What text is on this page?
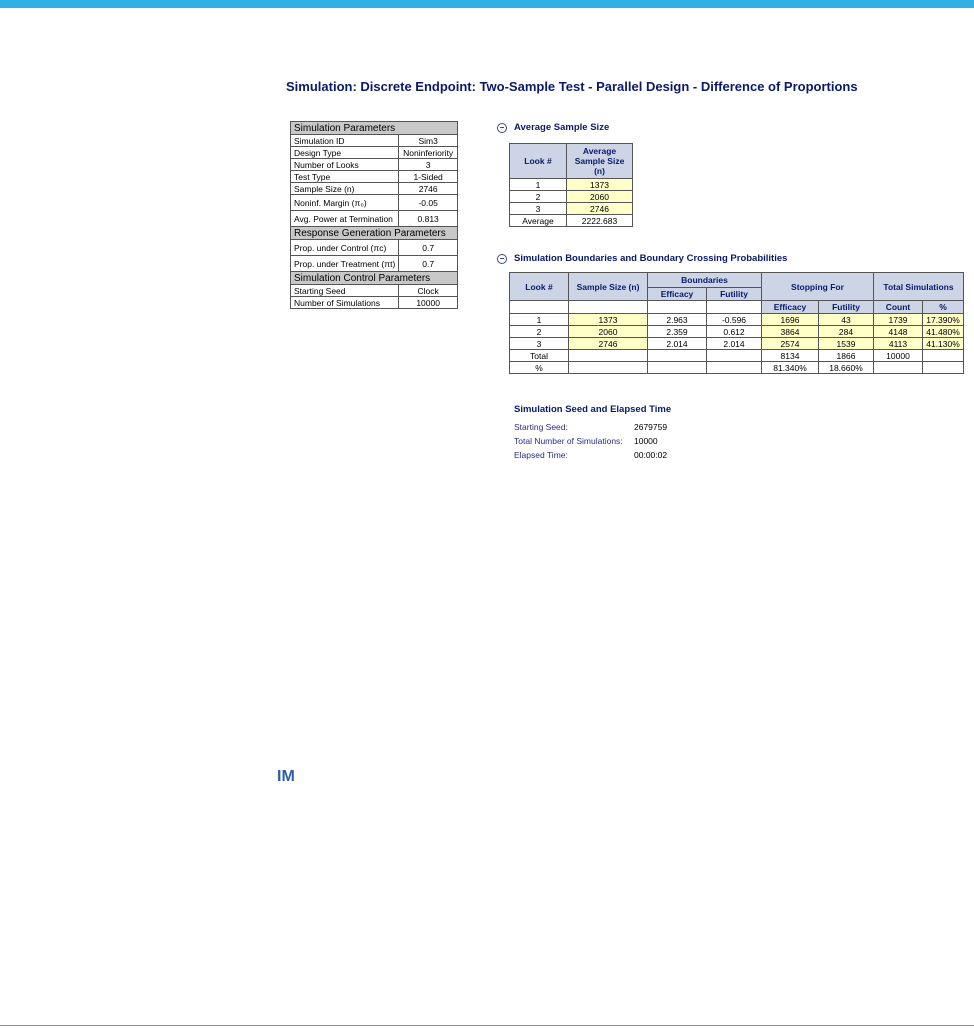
Simulation: Discrete Endpoint: Two-Sample Test - Parallel Design - Difference of Proportions
Simulation Parameters	
Simulation ID	Sim3
Design Type	Noninferiority
Number of Looks	3
Test Type	1-Sided
Sample Size (n)	2746
Noninf. Margin (π₀)	-0.05
Avg. Power at Termination	0.813
Response Generation Parameters	
Prop. under Control (πc)	0.7
Prop. under Treatment (πt)	0.7
Simulation Control Parameters	
Starting Seed	Clock
Number of Simulations	10000
Average Sample Size
Look #	Average Sample Size (n)
1	1373
2	2060
3	2746
Average	2222.683
Simulation Boundaries and Boundary Crossing Probabilities
Look #	Sample Size (n)	Boundaries		Stopping For		Total Simulations	
		Efficacy	Futility				
				Efficacy	Futility	Count	%
1	1373	2.963	-0.596	1696	43	1739	17.390%
2	2060	2.359	0.612	3864	284	4148	41.480%
3	2746	2.014	2.014	2574	1539	4113	41.130%
Total				8134	1866	10000	
%				81.340%	18.660%		
Simulation Seed and Elapsed Time
Starting Seed:	2679759
Total Number of Simulations: 10000
Elapsed Time:	00:00:02
IM
